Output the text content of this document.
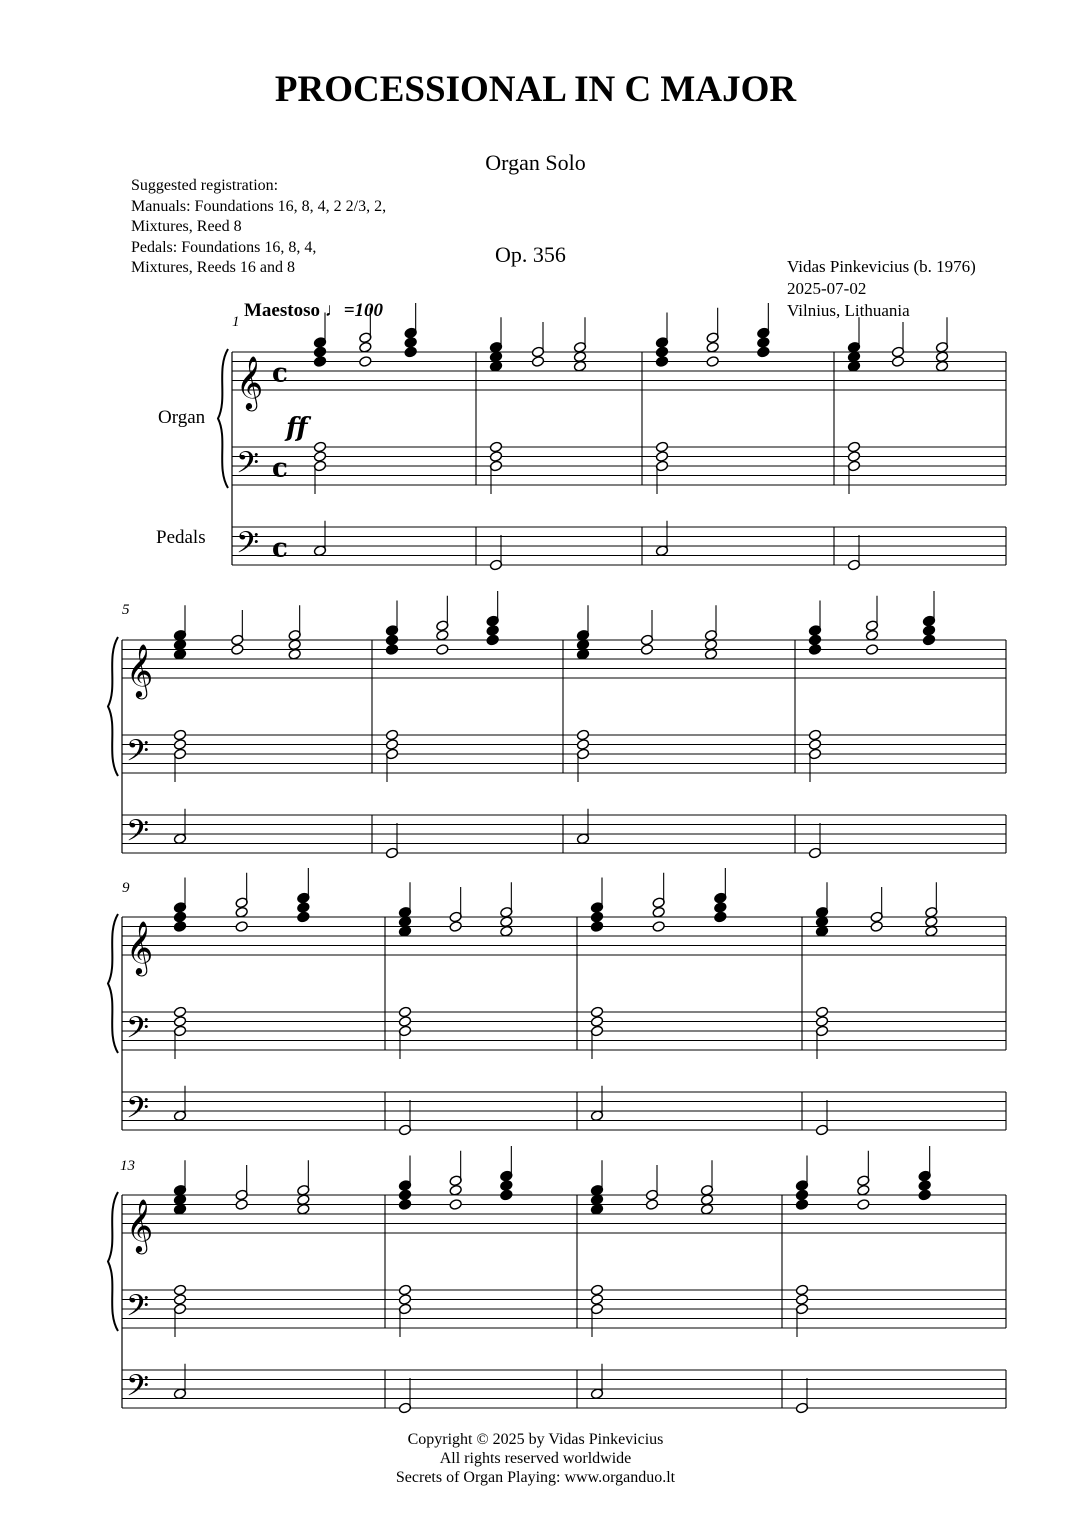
PROCESSIONAL IN C MAJOR
Organ Solo
Op. 356
Suggested registration:
Manuals: Foundations 16, 8, 4, 2 2/3, 2,
Mixtures, Reed 8
Pedals: Foundations 16, 8, 4,
Mixtures, Reeds 16 and 8	Vidas Pinkevicius (b. 1976)
2025-07-02
Vilnius, Lithuania
Maestoso ♩=100
1
5
9
13
Organ
Pedals
𝄞
𝄢
𝄢
c
c
c
𝄞
𝄢
𝄢
𝄞
𝄢
𝄢
𝄞
𝄢
𝄢
ff
Copyright © 2025 by Vidas Pinkevicius
All rights reserved worldwide
Secrets of Organ Playing: www.organduo.lt
